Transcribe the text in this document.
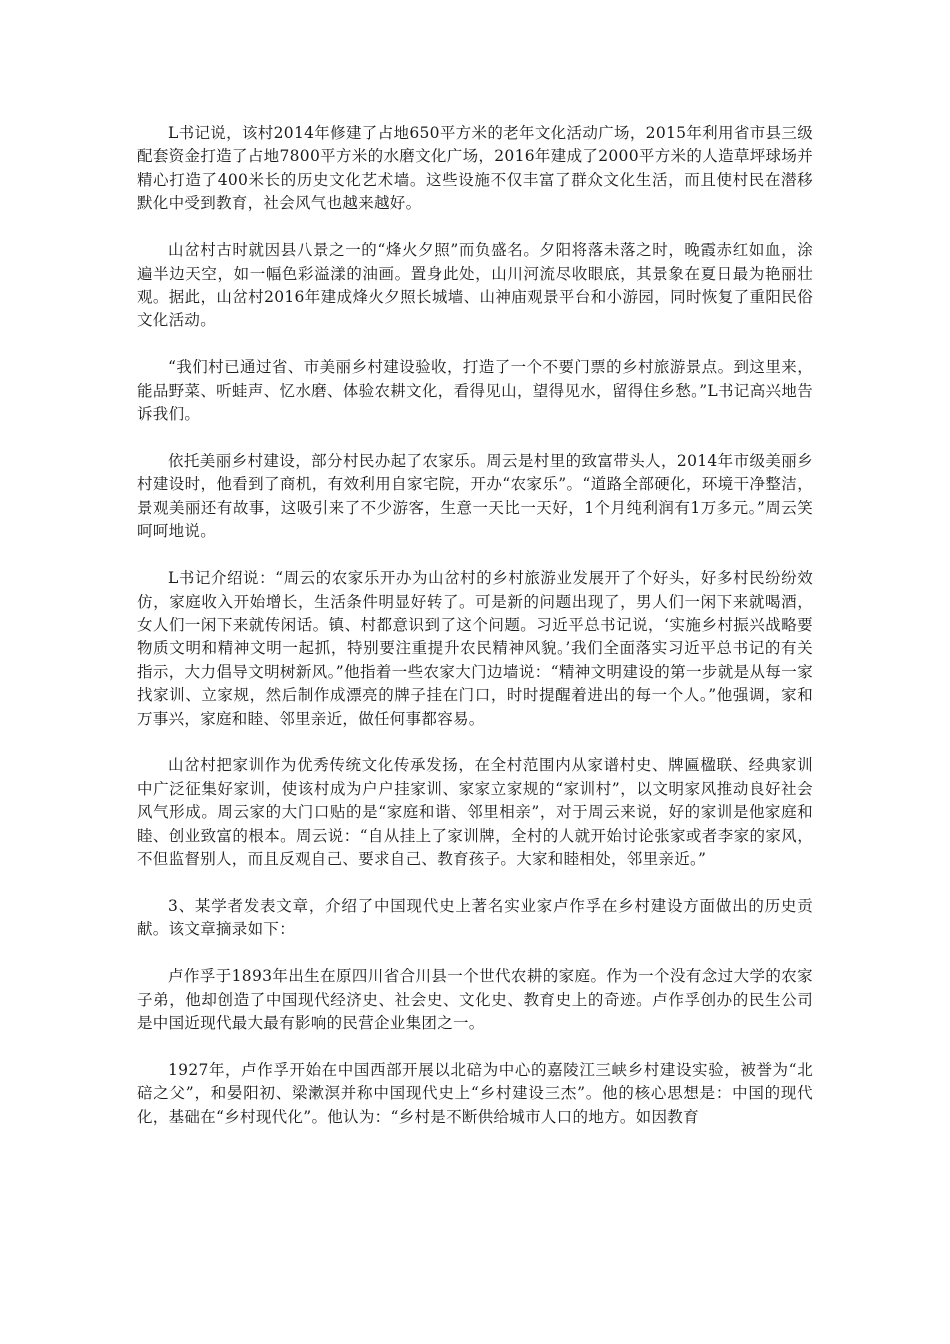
L书记说，该村2014年修建了占地650平方米的老年文化活动广场，2015年利用省市县三级配套资金打造了占地7800平方米的水磨文化广场，2016年建成了2000平方米的人造草坪球场并精心打造了400米长的历史文化艺术墙。这些设施不仅丰富了群众文化生活，而且使村民在潜移默化中受到教育，社会风气也越来越好。

山岔村古时就因县八景之一的“烽火夕照”而负盛名。夕阳将落未落之时，晚霞赤红如血，涂遍半边天空，如一幅色彩溢漾的油画。置身此处，山川河流尽收眼底，其景象在夏日最为艳丽壮观。据此，山岔村2016年建成烽火夕照长城墙、山神庙观景平台和小游园，同时恢复了重阳民俗文化活动。

“我们村已通过省、市美丽乡村建设验收，打造了一个不要门票的乡村旅游景点。到这里来，能品野菜、听蛙声、忆水磨、体验农耕文化，看得见山，望得见水，留得住乡愁。”L书记高兴地告诉我们。

依托美丽乡村建设，部分村民办起了农家乐。周云是村里的致富带头人，2014年市级美丽乡村建设时，他看到了商机，有效利用自家宅院，开办“农家乐”。“道路全部硬化，环境干净整洁，景观美丽还有故事，这吸引来了不少游客，生意一天比一天好，1个月纯利润有1万多元。”周云笑呵呵地说。

L书记介绍说：“周云的农家乐开办为山岔村的乡村旅游业发展开了个好头，好多村民纷纷效仿，家庭收入开始增长，生活条件明显好转了。可是新的问题出现了，男人们一闲下来就喝酒，女人们一闲下来就传闲话。镇、村都意识到了这个问题。习近平总书记说，‘实施乡村振兴战略要物质文明和精神文明一起抓，特别要注重提升农民精神风貌。’我们全面落实习近平总书记的有关指示，大力倡导文明树新风。”他指着一些农家大门边墙说：“精神文明建设的第一步就是从每一家找家训、立家规，然后制作成漂亮的牌子挂在门口，时时提醒着进出的每一个人。”他强调，家和万事兴，家庭和睦、邻里亲近，做任何事都容易。

山岔村把家训作为优秀传统文化传承发扬，在全村范围内从家谱村史、牌匾楹联、经典家训中广泛征集好家训，使该村成为户户挂家训、家家立家规的“家训村”，以文明家风推动良好社会风气形成。周云家的大门口贴的是“家庭和谐、邻里相亲”，对于周云来说，好的家训是他家庭和睦、创业致富的根本。周云说：“自从挂上了家训牌，全村的人就开始讨论张家或者李家的家风，不但监督别人，而且反观自己、要求自己、教育孩子。大家和睦相处，邻里亲近。”

3、某学者发表文章，介绍了中国现代史上著名实业家卢作孚在乡村建设方面做出的历史贡献。该文章摘录如下：

卢作孚于1893年出生在原四川省合川县一个世代农耕的家庭。作为一个没有念过大学的农家子弟，他却创造了中国现代经济史、社会史、文化史、教育史上的奇迹。卢作孚创办的民生公司是中国近现代最大最有影响的民营企业集团之一。

1927年，卢作孚开始在中国西部开展以北碚为中心的嘉陵江三峡乡村建设实验，被誉为“北碚之父”，和晏阳初、梁漱溟并称中国现代史上“乡村建设三杰”。他的核心思想是：中国的现代化，基础在“乡村现代化”。他认为：“乡村是不断供给城市人口的地方。如因教育
